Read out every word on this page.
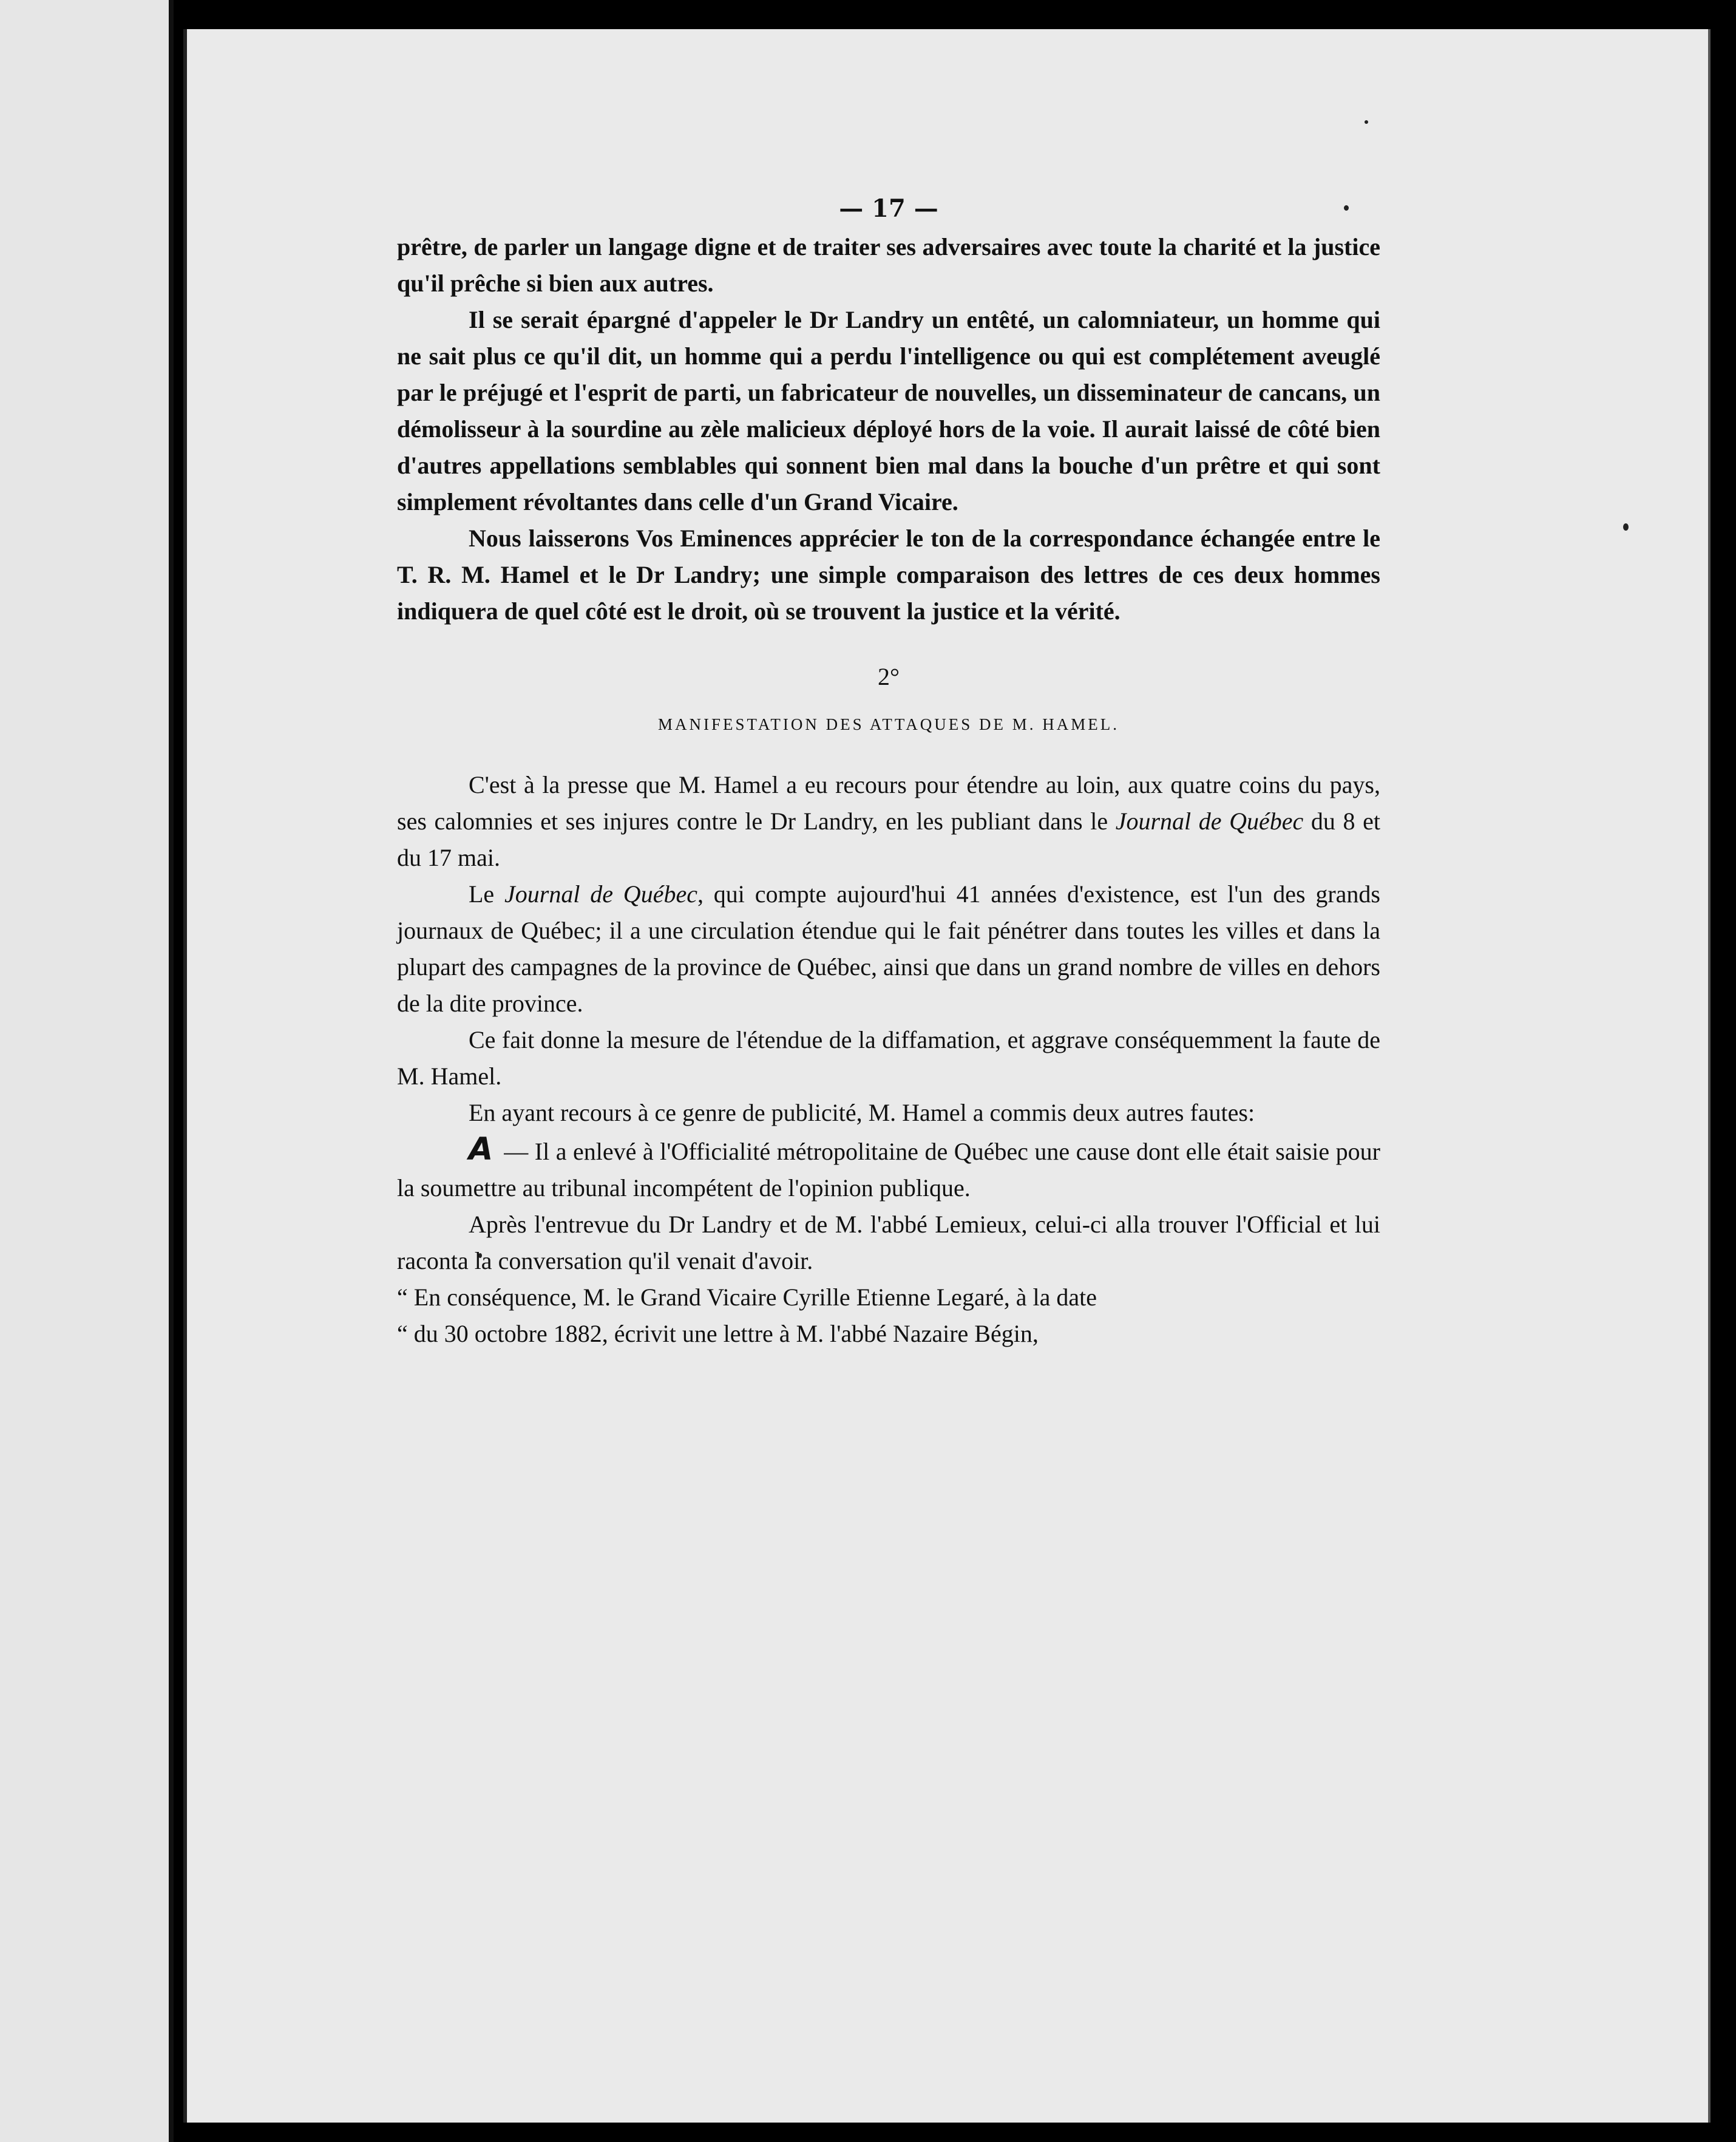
— 17 —

prêtre, de parler un langage digne et de traiter ses adversaires avec toute la charité et la justice qu'il prêche si bien aux autres.

Il se serait épargné d'appeler le Dr Landry un entêté, un calomniateur, un homme qui ne sait plus ce qu'il dit, un homme qui a perdu l'intelligence ou qui est complétement aveuglé par le préjugé et l'esprit de parti, un fabricateur de nouvelles, un disseminateur de cancans, un démolisseur à la sourdine au zèle malicieux déployé hors de la voie. Il aurait laissé de côté bien d'autres appellations semblables qui sonnent bien mal dans la bouche d'un prêtre et qui sont simplement révoltantes dans celle d'un Grand Vicaire.

Nous laisserons Vos Eminences apprécier le ton de la correspondance échangée entre le T. R. M. Hamel et le Dr Landry; une simple comparaison des lettres de ces deux hommes indiquera de quel côté est le droit, où se trouvent la justice et la vérité.

2°
MANIFESTATION DES ATTAQUES DE M. HAMEL.

C'est à la presse que M. Hamel a eu recours pour étendre au loin, aux quatre coins du pays, ses calomnies et ses injures contre le Dr Landry, en les publiant dans le Journal de Québec du 8 et du 17 mai.

Le Journal de Québec, qui compte aujourd'hui 41 années d'existence, est l'un des grands journaux de Québec; il a une circulation étendue qui le fait pénétrer dans toutes les villes et dans la plupart des campagnes de la province de Québec, ainsi que dans un grand nombre de villes en dehors de la dite province.

Ce fait donne la mesure de l'étendue de la diffamation, et aggrave conséquemment la faute de M. Hamel.

En ayant recours à ce genre de publicité, M. Hamel a commis deux autres fautes:

A — Il a enlevé à l'Officialité métropolitaine de Québec une cause dont elle était saisie pour la soumettre au tribunal incompétent de l'opinion publique.

Après l'entrevue du Dr Landry et de M. l'abbé Lemieux, celui-ci alla trouver l'Official et lui raconta la conversation qu'il venait d'avoir.

“ En conséquence, M. le Grand Vicaire Cyrille Etienne Legaré, à la date

“ du 30 octobre 1882, écrivit une lettre à M. l'abbé Nazaire Bégin,
